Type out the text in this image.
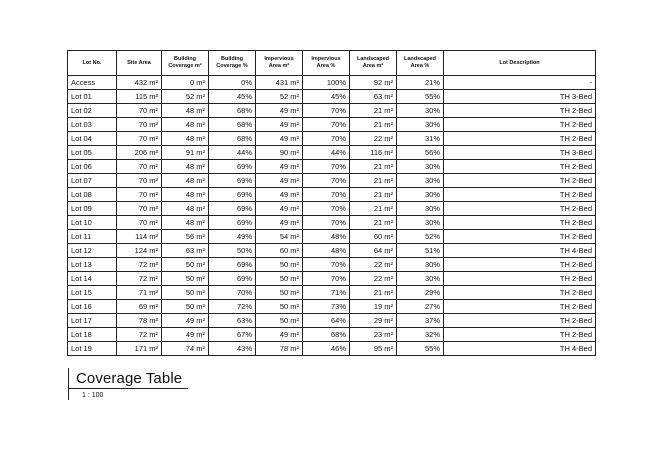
Lot No.	Site Area	Building Coverage m²	Building Coverage %	Impervious Area m²	Impervious Area %	Landscaped Area m²	Landscaped Area %	Lot Description
Access	432 m²	0 m²	0%	431 m²	100%	92 m²	21%	-
Lot 01	115 m²	52 m²	45%	52 m²	45%	63 m²	55%	TH 3-Bed
Lot 02	70 m²	48 m²	68%	49 m²	70%	21 m²	30%	TH 2-Bed
Lot 03	70 m²	48 m²	68%	49 m²	70%	21 m²	30%	TH 2-Bed
Lot 04	70 m²	48 m²	68%	49 m²	70%	22 m²	31%	TH 2-Bed
Lot 05	206 m²	91 m²	44%	90 m²	44%	116 m²	56%	TH 3-Bed
Lot 06	70 m²	48 m²	69%	49 m²	70%	21 m²	30%	TH 2-Bed
Lot 07	70 m²	48 m²	69%	49 m²	70%	21 m²	30%	TH 2-Bed
Lot 08	70 m²	48 m²	69%	49 m²	70%	21 m²	30%	TH 2-Bed
Lot 09	70 m²	48 m²	69%	49 m²	70%	21 m²	30%	TH 2-Bed
Lot 10	70 m²	48 m²	69%	49 m²	70%	21 m²	30%	TH 2-Bed
Lot 11	114 m²	56 m²	49%	54 m²	48%	60 m²	52%	TH 2-Bed
Lot 12	124 m²	63 m²	50%	60 m²	48%	64 m²	51%	TH 4-Bed
Lot 13	72 m²	50 m²	69%	50 m²	70%	22 m²	30%	TH 2-Bed
Lot 14	72 m²	50 m²	69%	50 m²	70%	22 m²	30%	TH 2-Bed
Lot 15	71 m²	50 m²	70%	50 m²	71%	21 m²	29%	TH 2-Bed
Lot 16	69 m²	50 m²	72%	50 m²	73%	19 m²	27%	TH 2-Bed
Lot 17	78 m²	49 m²	63%	50 m²	64%	29 m²	37%	TH 2-Bed
Lot 18	72 m²	49 m²	67%	49 m²	68%	23 m²	32%	TH 2-Bed
Lot 19	171 m²	74 m²	43%	78 m²	46%	95 m²	55%	TH 4-Bed
Coverage Table
1 : 100
